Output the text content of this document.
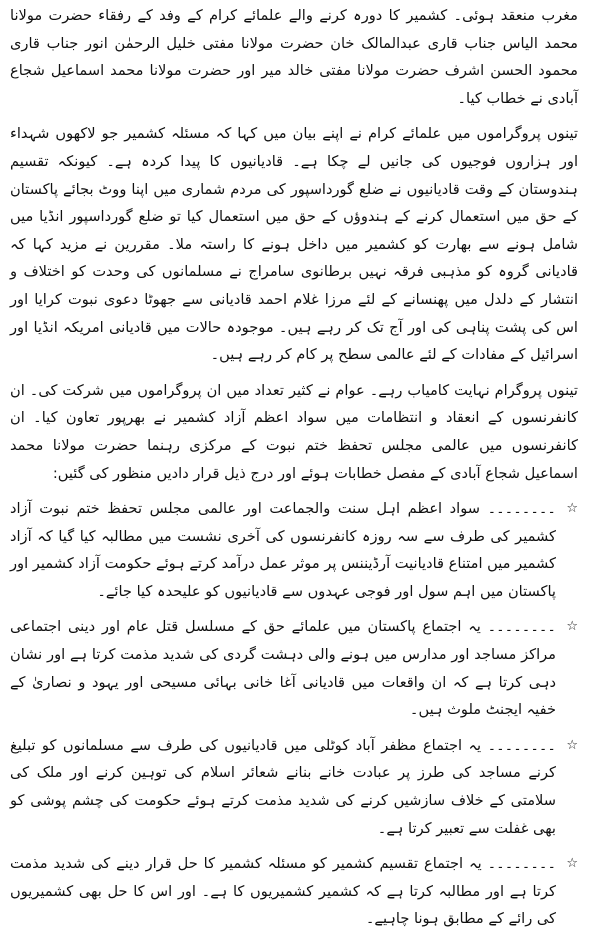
مغرب منعقد ہوئی۔ کشمیر کا دورہ کرنے والے علمائے کرام کے وفد کے رفقاء حضرت مولانا محمد الیاس جناب قاری عبدالمالک خان حضرت مولانا مفتی خلیل الرحمٰن انور جناب قاری محمود الحسن اشرف حضرت مولانا مفتی خالد میر اور حضرت مولانا محمد اسماعیل شجاع آبادی نے خطاب کیا۔

تینوں پروگراموں میں علمائے کرام نے اپنے بیان میں کہا کہ مسئلہ کشمیر جو لاکھوں شہداء اور ہزاروں فوجیوں کی جانیں لے چکا ہے۔ قادیانیوں کا پیدا کردہ ہے۔ کیونکہ تقسیم ہندوستان کے وقت قادیانیوں نے ضلع گورداسپور کی مردم شماری میں اپنا ووٹ بجائے پاکستان کے حق میں استعمال کرنے کے ہندوؤں کے حق میں استعمال کیا تو ضلع گورداسپور انڈیا میں شامل ہونے سے بھارت کو کشمیر میں داخل ہونے کا راستہ ملا۔ مقررین نے مزید کہا کہ قادیانی گروہ کو مذہبی فرقہ نہیں برطانوی سامراج نے مسلمانوں کی وحدت کو اختلاف و انتشار کے دلدل میں پھنسانے کے لئے مرزا غلام احمد قادیانی سے جھوٹا دعوی نبوت کرایا اور اس کی پشت پناہی کی اور آج تک کر رہے ہیں۔ موجودہ حالات میں قادیانی امریکہ انڈیا اور اسرائیل کے مفادات کے لئے عالمی سطح پر کام کر رہے ہیں۔

تینوں پروگرام نہایت کامیاب رہے۔ عوام نے کثیر تعداد میں ان پروگراموں میں شرکت کی۔ ان کانفرنسوں کے انعقاد و انتظامات میں سواد اعظم آزاد کشمیر نے بھرپور تعاون کیا۔ ان کانفرنسوں میں عالمی مجلس تحفظ ختم نبوت کے مرکزی رہنما حضرت مولانا محمد اسماعیل شجاع آبادی کے مفصل خطابات ہوئے اور درج ذیل قرار دادیں منظور کی گئیں:

☆
۔۔۔۔۔۔۔۔ سواد اعظم اہل سنت والجماعت اور عالمی مجلس تحفظ ختم نبوت آزاد کشمیر کی طرف سے سہ روزہ کانفرنسوں کی آخری نشست میں مطالبہ کیا گیا کہ آزاد کشمیر میں امتناع قادیانیت آرڈیننس پر موثر عمل درآمد کرتے ہوئے حکومت آزاد کشمیر اور پاکستان میں اہم سول اور فوجی عہدوں سے قادیانیوں کو علیحدہ کیا جائے۔

☆
۔۔۔۔۔۔۔۔ یہ اجتماع پاکستان میں علمائے حق کے مسلسل قتل عام اور دینی اجتماعی مراکز مساجد اور مدارس میں ہونے والی دہشت گردی کی شدید مذمت کرتا ہے اور نشان دہی کرتا ہے کہ ان واقعات میں قادیانی آغا خانی بہائی مسیحی اور یہود و نصاریٰ کے خفیہ ایجنٹ ملوث ہیں۔

☆
۔۔۔۔۔۔۔۔ یہ اجتماع مظفر آباد کوٹلی میں قادیانیوں کی طرف سے مسلمانوں کو تبلیغ کرنے مساجد کی طرز پر عبادت خانے بنانے شعائر اسلام کی توہین کرنے اور ملک کی سلامتی کے خلاف سازشیں کرنے کی شدید مذمت کرتے ہوئے حکومت کی چشم پوشی کو بھی غفلت سے تعبیر کرتا ہے۔

☆
۔۔۔۔۔۔۔۔ یہ اجتماع تقسیم کشمیر کو مسئلہ کشمیر کا حل قرار دینے کی شدید مذمت کرتا ہے اور مطالبہ کرتا ہے کہ کشمیر کشمیریوں کا ہے۔ اور اس کا حل بھی کشمیریوں کی رائے کے مطابق ہونا چاہیے۔
